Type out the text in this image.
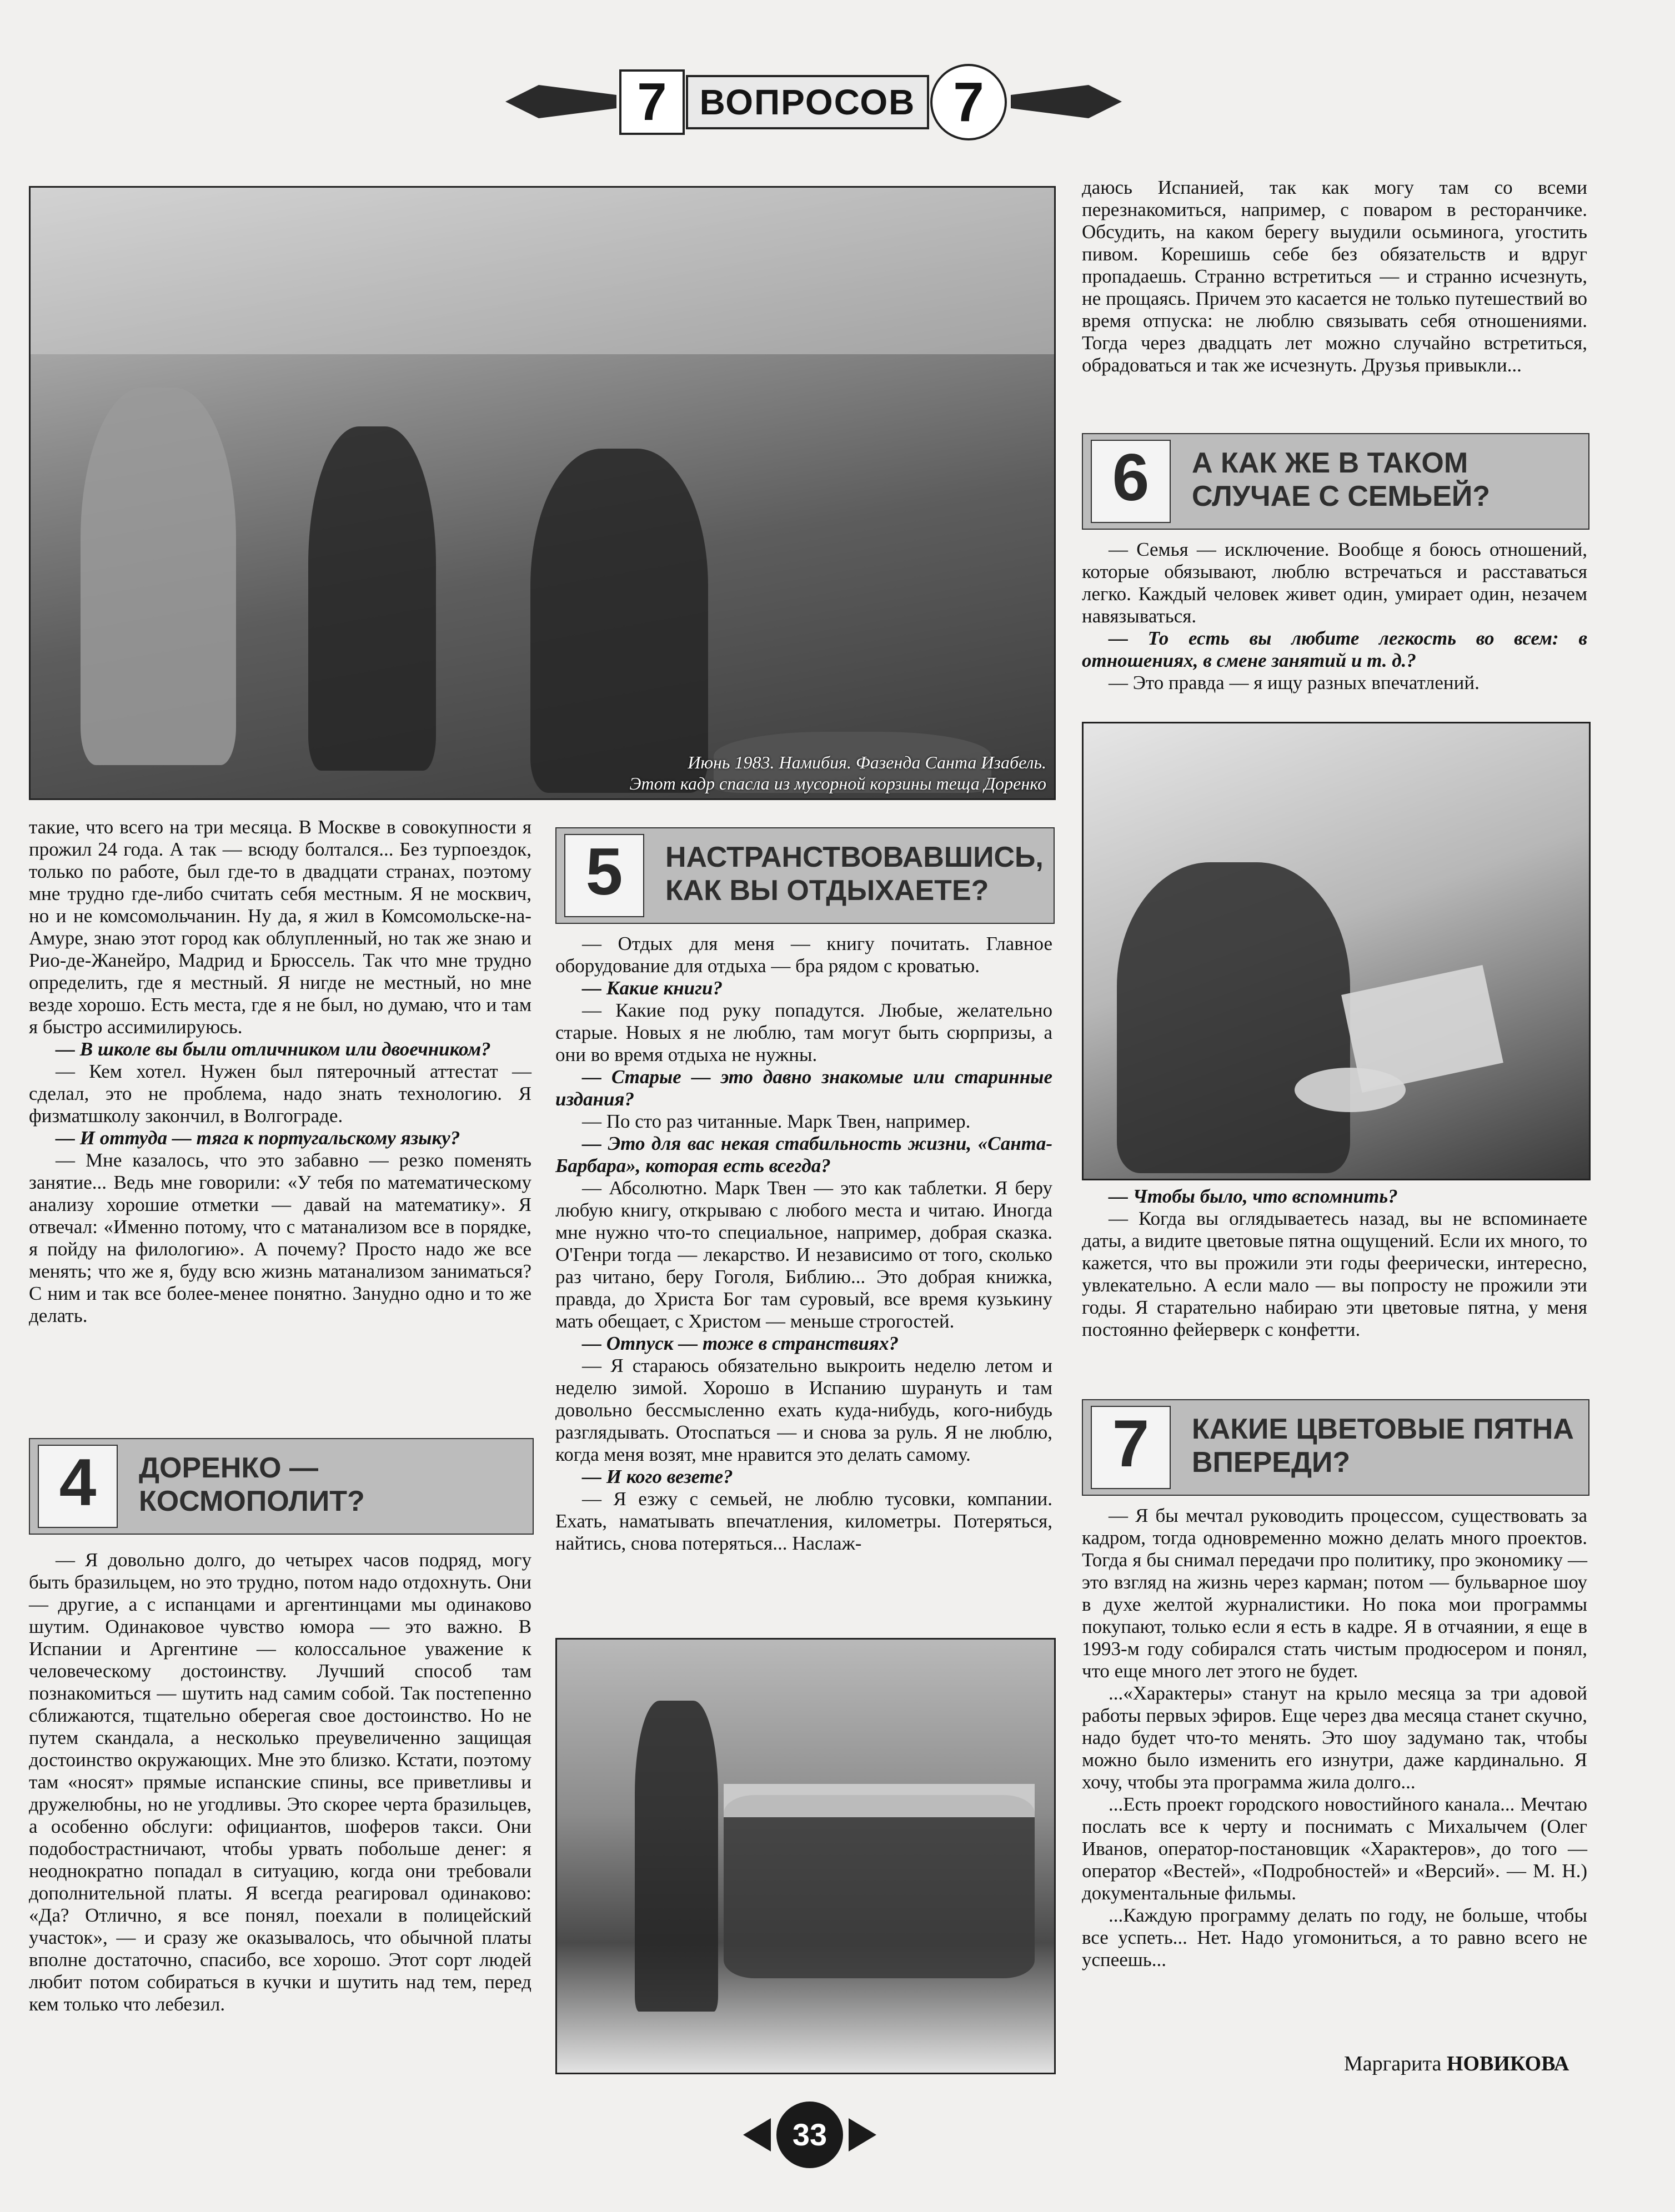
7 ВОПРОСОВ 7
Июнь 1983. Намибия. Фазенда Санта Изабель.
Этот кадр спасла из мусорной корзины теща Доренко

такие, что всего на три месяца. В Москве в совокупности я прожил 24 года. А так — всюду болтался... Без турпоездок, только по работе, был где-то в двадцати странах, поэтому мне трудно где-либо считать себя местным. Я не москвич, но и не комсомольчанин. Ну да, я жил в Комсомольске-на-Амуре, знаю этот город как облупленный, но так же знаю и Рио-де-Жанейро, Мадрид и Брюссель. Так что мне трудно определить, где я местный. Я нигде не местный, но мне везде хорошо. Есть места, где я не был, но думаю, что и там я быстро ассимилируюсь.

— В школе вы были отличником или двоечником?

— Кем хотел. Нужен был пятерочный аттестат — сделал, это не проблема, надо знать технологию. Я физматшколу закончил, в Волгограде.

— И оттуда — тяга к португальскому языку?

— Мне казалось, что это забавно — резко поменять занятие... Ведь мне говорили: «У тебя по математическому анализу хорошие отметки — давай на математику». Я отвечал: «Именно потому, что с матанализом все в порядке, я пойду на филологию». А почему? Просто надо же все менять; что же я, буду всю жизнь матанализом заниматься? С ним и так все более-менее понятно. Занудно одно и то же делать.

4	ДОРЕНКО — КОСМОПОЛИТ?

— Я довольно долго, до четырех часов подряд, могу быть бразильцем, но это трудно, потом надо отдохнуть. Они — другие, а с испанцами и аргентинцами мы одинаково шутим. Одинаковое чувство юмора — это важно. В Испании и Аргентине — колоссальное уважение к человеческому достоинству. Лучший способ там познакомиться — шутить над самим собой. Так постепенно сближаются, тщательно оберегая свое достоинство. Но не путем скандала, а несколько преувеличенно защищая достоинство окружающих. Мне это близко. Кстати, поэтому там «носят» прямые испанские спины, все приветливы и дружелюбны, но не угодливы. Это скорее черта бразильцев, а особенно обслуги: официантов, шоферов такси. Они подобострастничают, чтобы урвать побольше денег: я неоднократно попадал в ситуацию, когда они требовали дополнительной платы. Я всегда реагировал одинаково: «Да? Отлично, я все понял, поехали в полицейский участок», — и сразу же оказывалось, что обычной платы вполне достаточно, спасибо, все хорошо. Этот сорт людей любит потом собираться в кучки и шутить над тем, перед кем только что лебезил.

5	НАСТРАНСТВОВАВШИСЬ, КАК ВЫ ОТДЫХАЕТЕ?

— Отдых для меня — книгу почитать. Главное оборудование для отдыха — бра рядом с кроватью.

— Какие книги?

— Какие под руку попадутся. Любые, желательно старые. Новых я не люблю, там могут быть сюрпризы, а они во время отдыха не нужны.

— Старые — это давно знакомые или старинные издания?

— По сто раз читанные. Марк Твен, например.

— Это для вас некая стабильность жизни, «Санта-Барбара», которая есть всегда?

— Абсолютно. Марк Твен — это как таблетки. Я беру любую книгу, открываю с любого места и читаю. Иногда мне нужно что-то специальное, например, добрая сказка. О'Генри тогда — лекарство. И независимо от того, сколько раз читано, беру Гоголя, Библию... Это добрая книжка, правда, до Христа Бог там суровый, все время кузькину мать обещает, с Христом — меньше строгостей.

— Отпуск — тоже в странствиях?

— Я стараюсь обязательно выкроить неделю летом и неделю зимой. Хорошо в Испанию шурануть и там довольно бессмысленно ехать куда-нибудь, кого-нибудь разглядывать. Отоспаться — и снова за руль. Я не люблю, когда меня возят, мне нравится это делать самому.

— И кого везете?

— Я езжу с семьей, не люблю тусовки, компании. Ехать, наматывать впечатления, километры. Потеряться, найтись, снова потеряться... Наслаж-

даюсь Испанией, так как могу там со всеми перезнакомиться, например, с поваром в ресторанчике. Обсудить, на каком берегу выудили осьминога, угостить пивом. Корешишь себе без обязательств и вдруг пропадаешь. Странно встретиться — и странно исчезнуть, не прощаясь. Причем это касается не только путешествий во время отпуска: не люблю связывать себя отношениями. Тогда через двадцать лет можно случайно встретиться, обрадоваться и так же исчезнуть. Друзья привыкли...

6	А КАК ЖЕ В ТАКОМ СЛУЧАЕ С СЕМЬЕЙ?

— Семья — исключение. Вообще я боюсь отношений, которые обязывают, люблю встречаться и расставаться легко. Каждый человек живет один, умирает один, незачем навязываться.

— То есть вы любите легкость во всем: в отношениях, в смене занятий и т. д.?

— Это правда — я ищу разных впечатлений.

— Чтобы было, что вспомнить?

— Когда вы оглядываетесь назад, вы не вспоминаете даты, а видите цветовые пятна ощущений. Если их много, то кажется, что вы прожили эти годы феерически, интересно, увлекательно. А если мало — вы попросту не прожили эти годы. Я старательно набираю эти цветовые пятна, у меня постоянно фейерверк с конфетти.

7	КАКИЕ ЦВЕТОВЫЕ ПЯТНА ВПЕРЕДИ?

— Я бы мечтал руководить процессом, существовать за кадром, тогда одновременно можно делать много проектов. Тогда я бы снимал передачи про политику, про экономику — это взгляд на жизнь через карман; потом — бульварное шоу в духе желтой журналистики. Но пока мои программы покупают, только если я есть в кадре. Я в отчаянии, я еще в 1993-м году собирался стать чистым продюсером и понял, что еще много лет этого не будет.

...«Характеры» станут на крыло месяца за три адовой работы первых эфиров. Еще через два месяца станет скучно, надо будет что-то менять. Это шоу задумано так, чтобы можно было изменить его изнутри, даже кардинально. Я хочу, чтобы эта программа жила долго...

...Есть проект городского новостийного канала... Мечтаю послать все к черту и поснимать с Михалычем (Олег Иванов, оператор-постановщик «Характеров», до того — оператор «Вестей», «Подробностей» и «Версий». — М. Н.) документальные фильмы.

...Каждую программу делать по году, не больше, чтобы все успеть... Нет. Надо угомониться, а то равно всего не успеешь...

Маргарита НОВИКОВА
33
